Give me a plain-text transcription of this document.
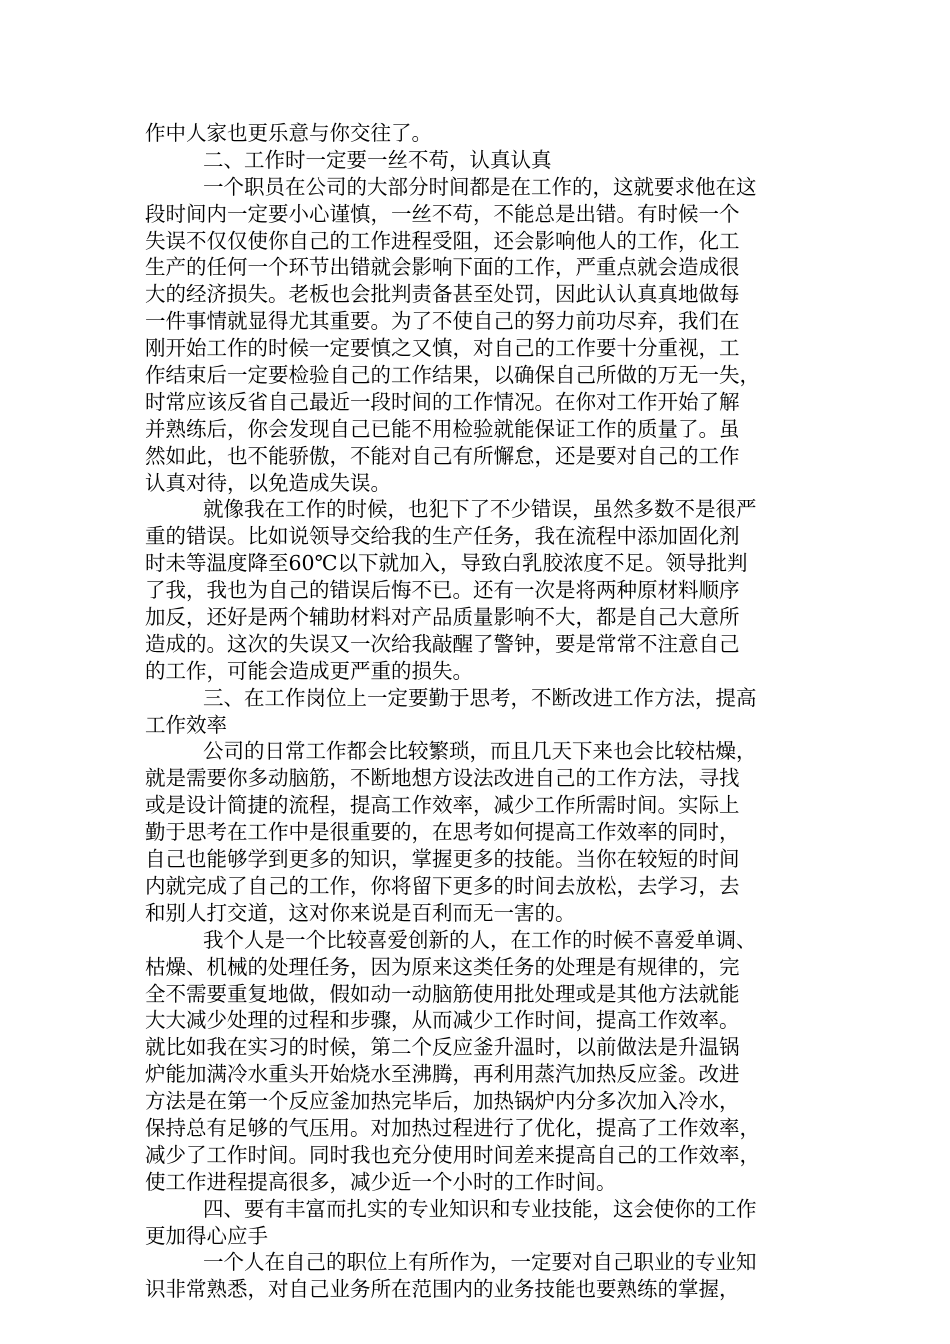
作中人家也更乐意与你交往了。
二、工作时一定要一丝不苟，认真认真
一个职员在公司的大部分时间都是在工作的，这就要求他在这
段时间内一定要小心谨慎，一丝不苟，不能总是出错。有时候一个
失误不仅仅使你自己的工作进程受阻，还会影响他人的工作，化工
生产的任何一个环节出错就会影响下面的工作，严重点就会造成很
大的经济损失。老板也会批判责备甚至处罚，因此认认真真地做每
一件事情就显得尤其重要。为了不使自己的努力前功尽弃，我们在
刚开始工作的时候一定要慎之又慎，对自己的工作要十分重视，工
作结束后一定要检验自己的工作结果，以确保自己所做的万无一失，
时常应该反省自己最近一段时间的工作情况。在你对工作开始了解
并熟练后，你会发现自己已能不用检验就能保证工作的质量了。虽
然如此，也不能骄傲，不能对自己有所懈怠，还是要对自己的工作
认真对待，以免造成失误。
就像我在工作的时候，也犯下了不少错误，虽然多数不是很严
重的错误。比如说领导交给我的生产任务，我在流程中添加固化剂
时未等温度降至60℃以下就加入，导致白乳胶浓度不足。领导批判
了我，我也为自己的错误后悔不已。还有一次是将两种原材料顺序
加反，还好是两个辅助材料对产品质量影响不大，都是自己大意所
造成的。这次的失误又一次给我敲醒了警钟，要是常常不注意自己
的工作，可能会造成更严重的损失。
三、在工作岗位上一定要勤于思考，不断改进工作方法，提高
工作效率
公司的日常工作都会比较繁琐，而且几天下来也会比较枯燥，
就是需要你多动脑筋，不断地想方设法改进自己的工作方法，寻找
或是设计简捷的流程，提高工作效率，减少工作所需时间。实际上
勤于思考在工作中是很重要的，在思考如何提高工作效率的同时，
自己也能够学到更多的知识，掌握更多的技能。当你在较短的时间
内就完成了自己的工作，你将留下更多的时间去放松，去学习，去
和别人打交道，这对你来说是百利而无一害的。
我个人是一个比较喜爱创新的人，在工作的时候不喜爱单调、
枯燥、机械的处理任务，因为原来这类任务的处理是有规律的，完
全不需要重复地做，假如动一动脑筋使用批处理或是其他方法就能
大大减少处理的过程和步骤，从而减少工作时间，提高工作效率。
就比如我在实习的时候，第二个反应釜升温时，以前做法是升温锅
炉能加满冷水重头开始烧水至沸腾，再利用蒸汽加热反应釜。改进
方法是在第一个反应釜加热完毕后，加热锅炉内分多次加入冷水，
保持总有足够的气压用。对加热过程进行了优化，提高了工作效率，
减少了工作时间。同时我也充分使用时间差来提高自己的工作效率，
使工作进程提高很多，减少近一个小时的工作时间。
四、要有丰富而扎实的专业知识和专业技能，这会使你的工作
更加得心应手
一个人在自己的职位上有所作为，一定要对自己职业的专业知
识非常熟悉，对自己业务所在范围内的业务技能也要熟练的掌握，
